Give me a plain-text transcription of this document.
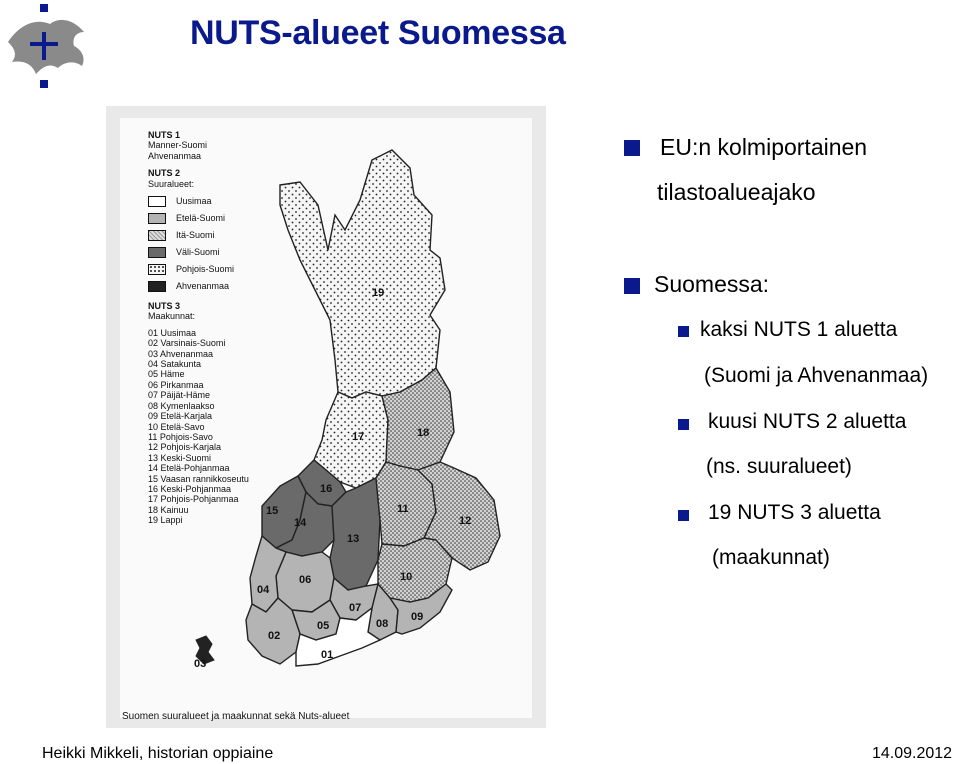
NUTS-alueet Suomessa
19
17	18
16
15
14
13
11
12
10
06
04
07
05	08
09
02
01
03
NUTS 1
Manner-Suomi
Ahvenanmaa
NUTS 2
Suuralueet:
Uusimaa
Etelä-Suomi
Itä-Suomi
Väli-Suomi
Pohjois-Suomi
Ahvenanmaa
NUTS 3
Maakunnat:
01 Uusimaa
02 Varsinais-Suomi
03 Ahvenanmaa
04 Satakunta
05 Häme
06 Pirkanmaa
07 Päijät-Häme
08 Kymenlaakso
09 Etelä-Karjala
10 Etelä-Savo
11 Pohjois-Savo
12 Pohjois-Karjala
13 Keski-Suomi
14 Etelä-Pohjanmaa
15 Vaasan rannikkoseutu
16 Keski-Pohjanmaa
17 Pohjois-Pohjanmaa
18 Kainuu
19 Lappi
Suomen suuralueet ja maakunnat sekä Nuts-alueet
EU:n kolmiportainen
tilastoalueajako
Suomessa:
kaksi NUTS 1 aluetta
(Suomi ja Ahvenanmaa)
kuusi NUTS 2 aluetta
(ns. suuralueet)
19 NUTS 3 aluetta
(maakunnat)
Heikki Mikkeli, historian oppiaine	14.09.2012
